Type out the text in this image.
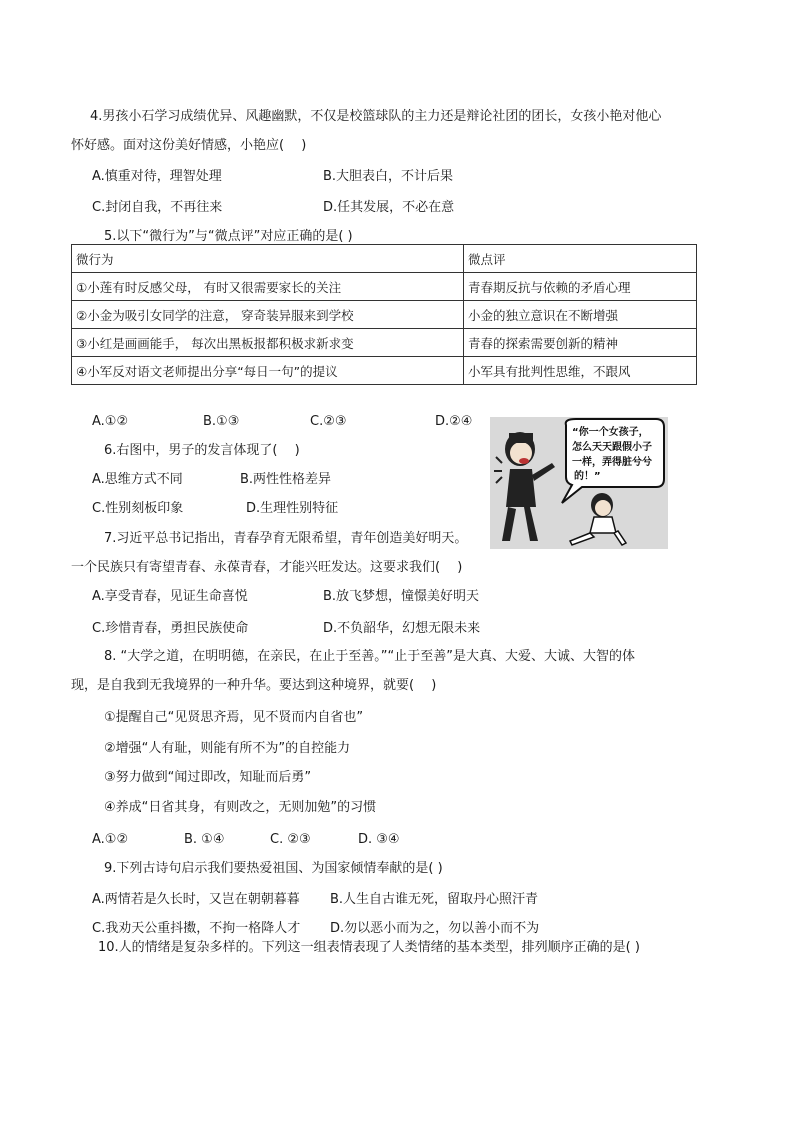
4.男孩小石学习成绩优异、风趣幽默，不仅是校篮球队的主力还是辩论社团的团长，女孩小艳对他心
怀好感。面对这份美好情感，小艳应(　 )
A.慎重对待，理智处理	B.大胆表白，不计后果
C.封闭自我，不再往来	D.任其发展，不必在意
5.以下“微行为”与“微点评”对应正确的是( )
微行为	微点评
①小莲有时反感父母， 有时又很需要家长的关注	青春期反抗与依赖的矛盾心理
②小金为吸引女同学的注意， 穿奇装异服来到学校	小金的独立意识在不断增强
③小红是画画能手， 每次出黑板报都积极求新求变	青春的探索需要创新的精神
④小军反对语文老师提出分享“每日一句”的提议	小军具有批判性思维，不跟风
A.①②	B.①③	C.②③	D.②④
6.右图中，男子的发言体现了(　 )
A.思维方式不同	B.两性性格差异
C.性别刻板印象	D.生理性别特征
“你一个女孩子，
怎么天天跟假小子
一样，弄得脏兮兮
的！”
7.习近平总书记指出，青春孕育无限希望，青年创造美好明天。
一个民族只有寄望青春、永葆青春，才能兴旺发达。这要求我们(　 )
A.享受青春，见证生命喜悦	B.放飞梦想，憧憬美好明天
C.珍惜青春，勇担民族使命	D.不负韶华，幻想无限未来
8. “大学之道，在明明德，在亲民，在止于至善。”“止于至善”是大真、大爱、大诚、大智的体
现，是自我到无我境界的一种升华。要达到这种境界，就要(　 )
①提醒自己“见贤思齐焉，见不贤而内自省也”
②增强“人有耻，则能有所不为”的自控能力
③努力做到“闻过即改，知耻而后勇”
④养成“日省其身，有则改之，无则加勉”的习惯
A.①②	B. ①④	C. ②③	D. ③④
9.下列古诗句启示我们要热爱祖国、为国家倾情奉献的是( )
A.两情若是久长时，又岂在朝朝暮暮 B.人生自古谁无死，留取丹心照汗青
C.我劝天公重抖擞，不拘一格降人才 D.勿以恶小而为之，勿以善小而不为
10.人的情绪是复杂多样的。下列这一组表情表现了人类情绪的基本类型，排列顺序正确的是( )
